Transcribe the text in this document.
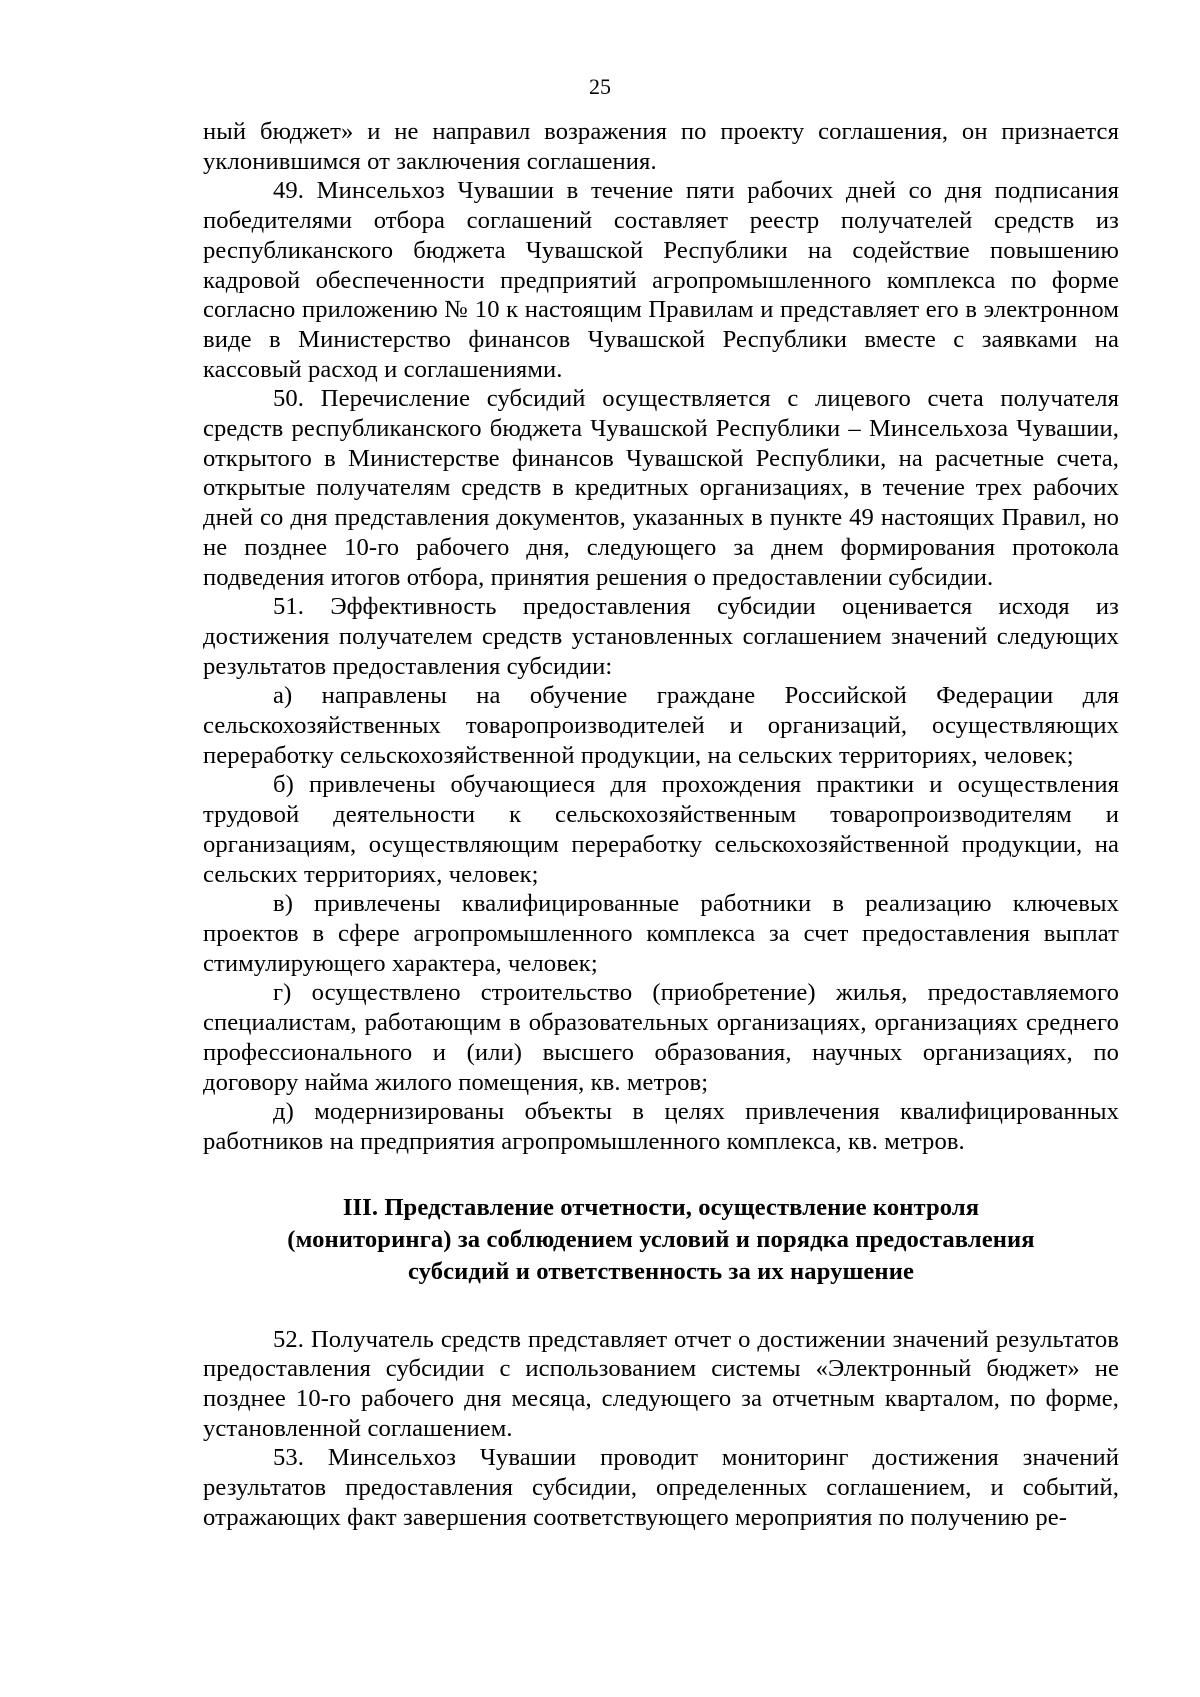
25

ный бюджет» и не направил возражения по проекту соглашения, он признается уклонившимся от заключения соглашения.

49. Минсельхоз Чувашии в течение пяти рабочих дней со дня подписания победителями отбора соглашений составляет реестр получателей средств из республиканского бюджета Чувашской Республики на содействие повышению кадровой обеспеченности предприятий агропромышленного комплекса по форме согласно приложению № 10 к настоящим Правилам и представляет его в электронном виде в Министерство финансов Чувашской Республики вместе с заявками на кассовый расход и соглашениями.

50. Перечисление субсидий осуществляется с лицевого счета получателя средств республиканского бюджета Чувашской Республики – Минсельхоза Чувашии, открытого в Министерстве финансов Чувашской Республики, на расчетные счета, открытые получателям средств в кредитных организациях, в течение трех рабочих дней со дня представления документов, указанных в пункте 49 настоящих Правил, но не позднее 10-го рабочего дня, следующего за днем формирования протокола подведения итогов отбора, принятия решения о предоставлении субсидии.

51. Эффективность предоставления субсидии оценивается исходя из достижения получателем средств установленных соглашением значений следующих результатов предоставления субсидии:

а) направлены на обучение граждане Российской Федерации для сельскохозяйственных товаропроизводителей и организаций, осуществляющих переработку сельскохозяйственной продукции, на сельских территориях, человек;

б) привлечены обучающиеся для прохождения практики и осуществления трудовой деятельности к сельскохозяйственным товаропроизводителям и организациям, осуществляющим переработку сельскохозяйственной продукции, на сельских территориях, человек;

в) привлечены квалифицированные работники в реализацию ключевых проектов в сфере агропромышленного комплекса за счет предоставления выплат стимулирующего характера, человек;

г) осуществлено строительство (приобретение) жилья, предоставляемого специалистам, работающим в образовательных организациях, организациях среднего профессионального и (или) высшего образования, научных организациях, по договору найма жилого помещения, кв. метров;

д) модернизированы объекты в целях привлечения квалифицированных работников на предприятия агропромышленного комплекса, кв. метров.

III. Представление отчетности, осуществление контроля
(мониторинга) за соблюдением условий и порядка предоставления
субсидий и ответственность за их нарушение

52. Получатель средств представляет отчет о достижении значений результатов предоставления субсидии с использованием системы «Электронный бюджет» не позднее 10-го рабочего дня месяца, следующего за отчетным кварталом, по форме, установленной соглашением.

53. Минсельхоз Чувашии проводит мониторинг достижения значений результатов предоставления субсидии, определенных соглашением, и событий, отражающих факт завершения соответствующего мероприятия по получению ре-
